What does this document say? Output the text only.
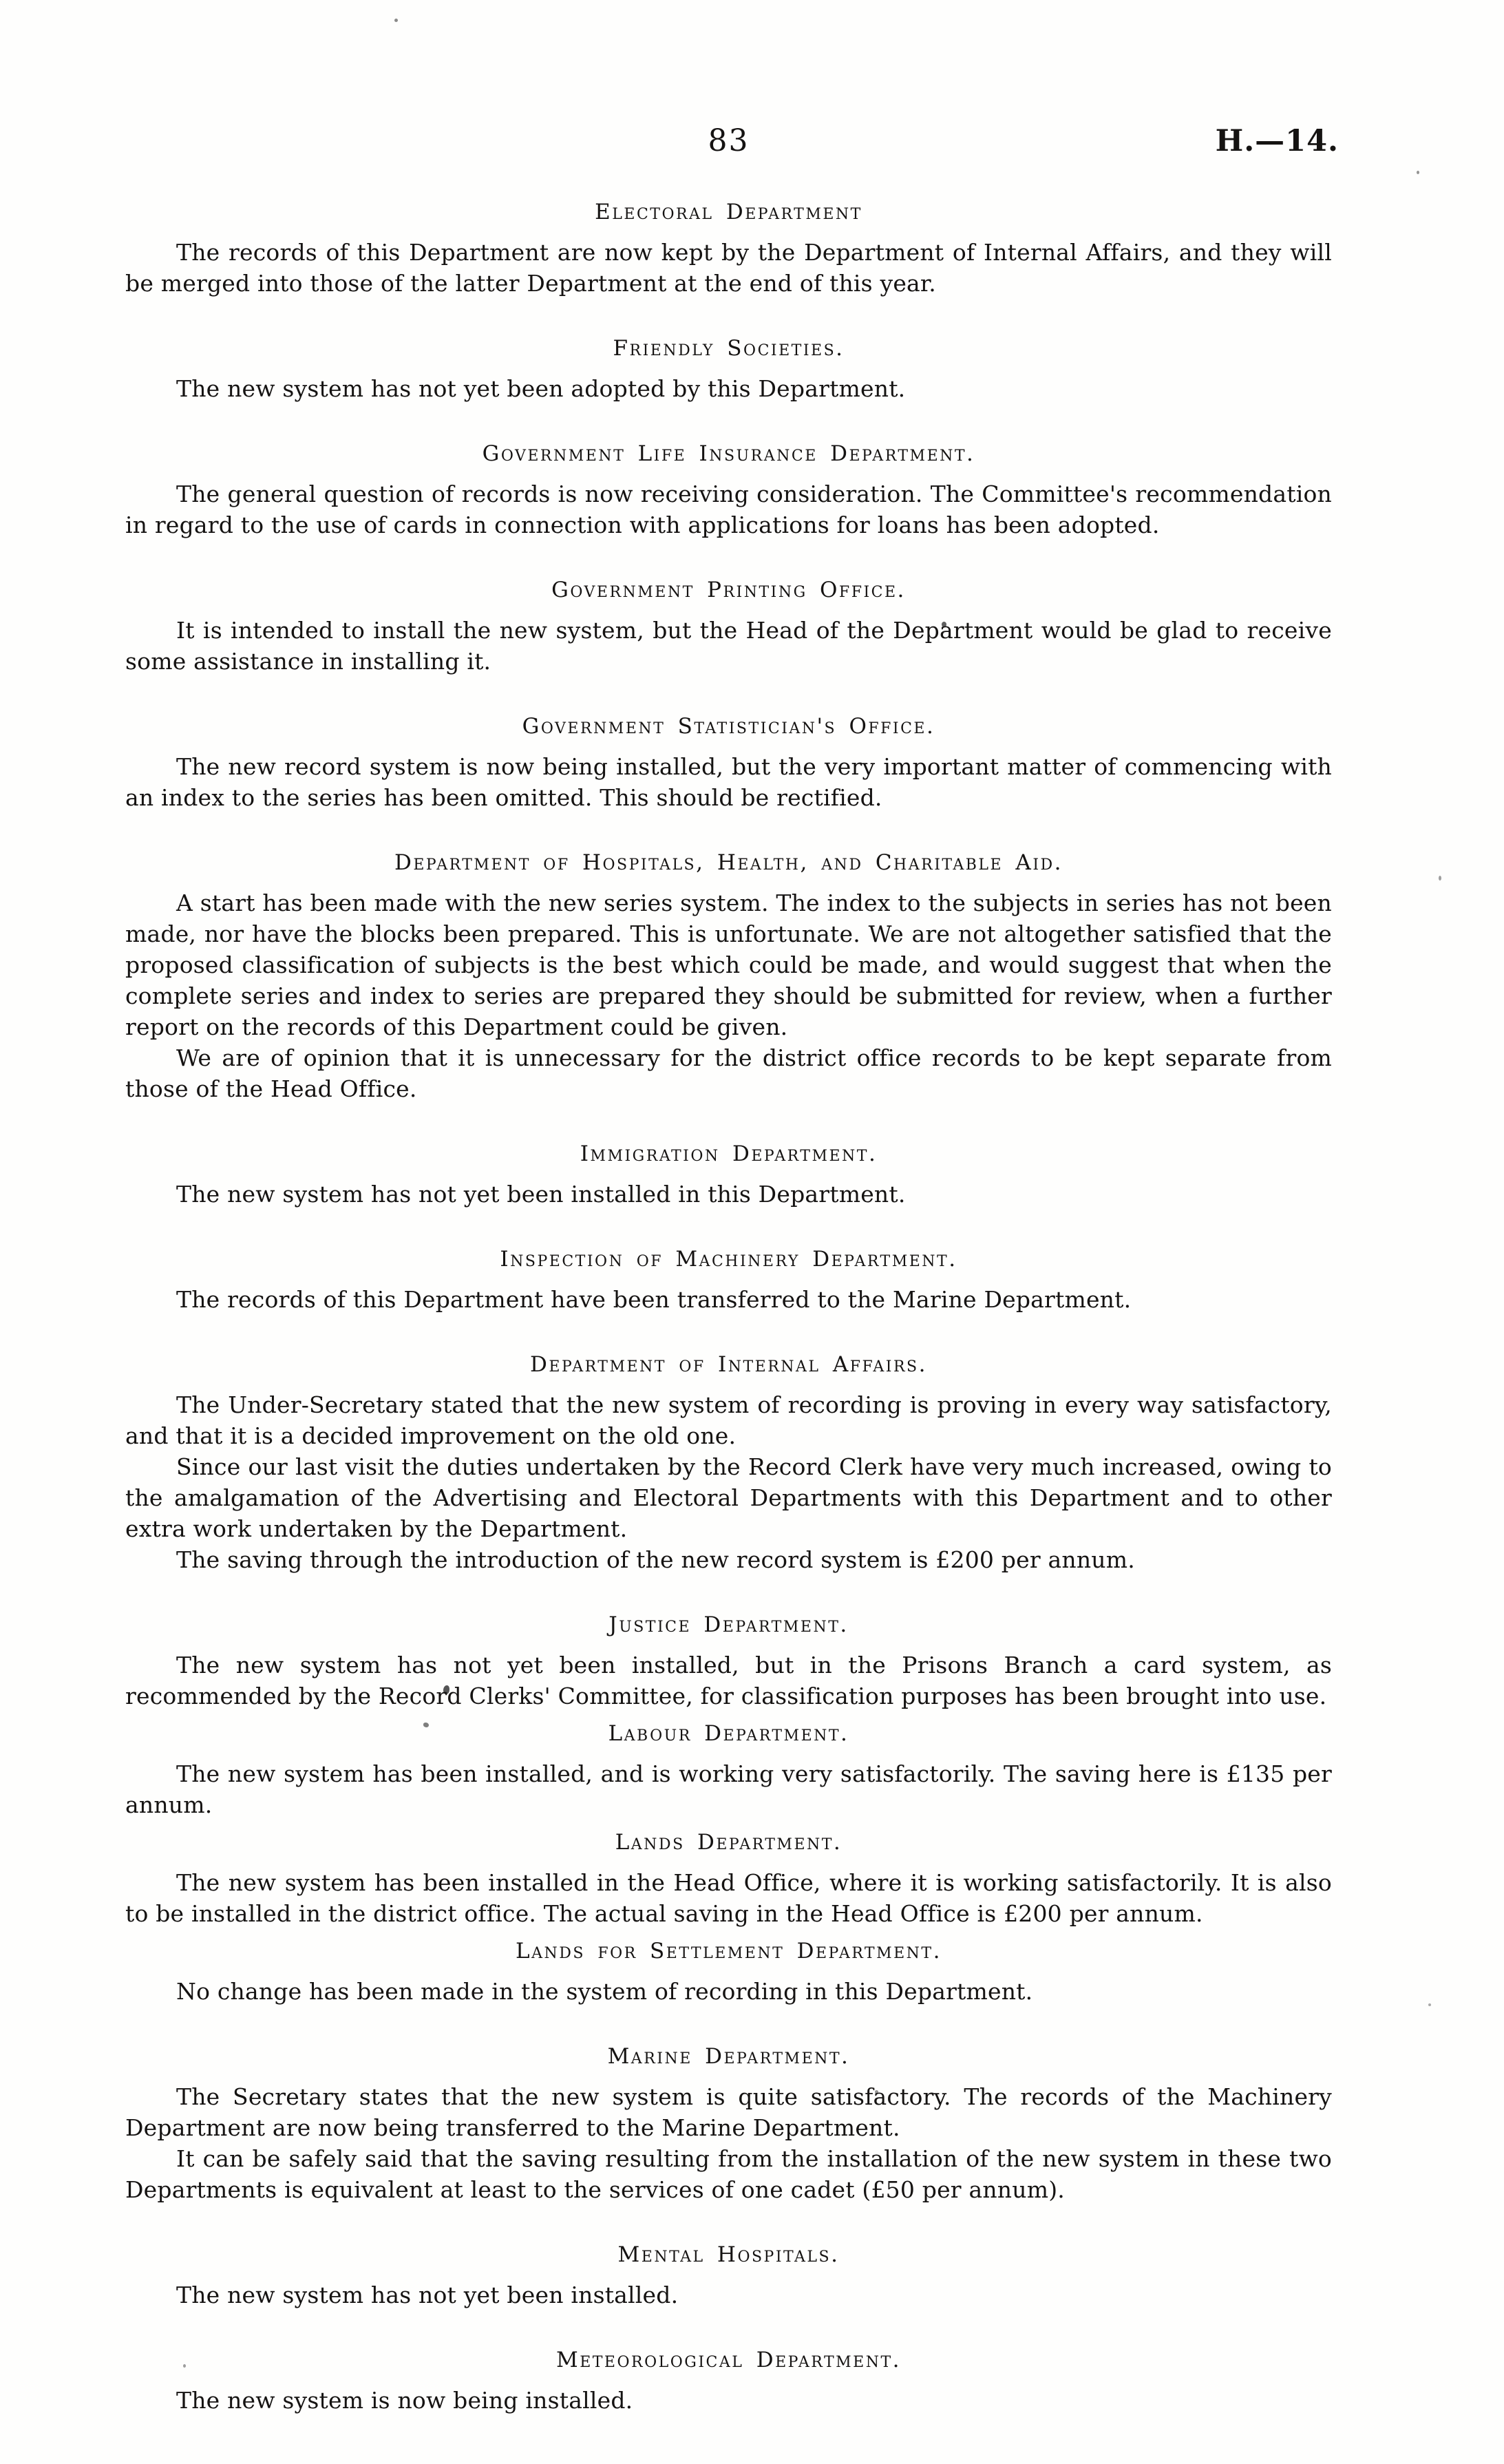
83	H.—14.
Electoral Department

The records of this Department are now kept by the Department of Internal Affairs, and they will be merged into those of the latter Department at the end of this year.

Friendly Societies.

The new system has not yet been adopted by this Department.

Government Life Insurance Department.

The general question of records is now receiving consideration. The Committee's recommendation in regard to the use of cards in connection with applications for loans has been adopted.

Government Printing Office.

It is intended to install the new system, but the Head of the Department would be glad to receive some assistance in installing it.

Government Statistician's Office.

The new record system is now being installed, but the very important matter of commencing with an index to the series has been omitted. This should be rectified.

Department of Hospitals, Health, and Charitable Aid.

A start has been made with the new series system. The index to the subjects in series has not been made, nor have the blocks been prepared. This is unfortunate. We are not altogether satisfied that the proposed classification of subjects is the best which could be made, and would suggest that when the complete series and index to series are prepared they should be submitted for review, when a further report on the records of this Department could be given.

We are of opinion that it is unnecessary for the district office records to be kept separate from those of the Head Office.

Immigration Department.

The new system has not yet been installed in this Department.

Inspection of Machinery Department.

The records of this Department have been transferred to the Marine Department.

Department of Internal Affairs.

The Under-Secretary stated that the new system of recording is proving in every way satisfactory, and that it is a decided improvement on the old one.

Since our last visit the duties undertaken by the Record Clerk have very much increased, owing to the amalgamation of the Advertising and Electoral Departments with this Department and to other extra work undertaken by the Department.

The saving through the introduction of the new record system is £200 per annum.

Justice Department.

The new system has not yet been installed, but in the Prisons Branch a card system, as recommended by the Record Clerks' Committee, for classification purposes has been brought into use.

Labour Department.

The new system has been installed, and is working very satisfactorily. The saving here is £135 per annum.

Lands Department.

The new system has been installed in the Head Office, where it is working satisfactorily. It is also to be installed in the district office. The actual saving in the Head Office is £200 per annum.

Lands for Settlement Department.

No change has been made in the system of recording in this Department.

Marine Department.

The Secretary states that the new system is quite satisfactory. The records of the Machinery Department are now being transferred to the Marine Department.

It can be safely said that the saving resulting from the installation of the new system in these two Departments is equivalent at least to the services of one cadet (£50 per annum).

Mental Hospitals.

The new system has not yet been installed.

Meteorological Department.

The new system is now being installed.
